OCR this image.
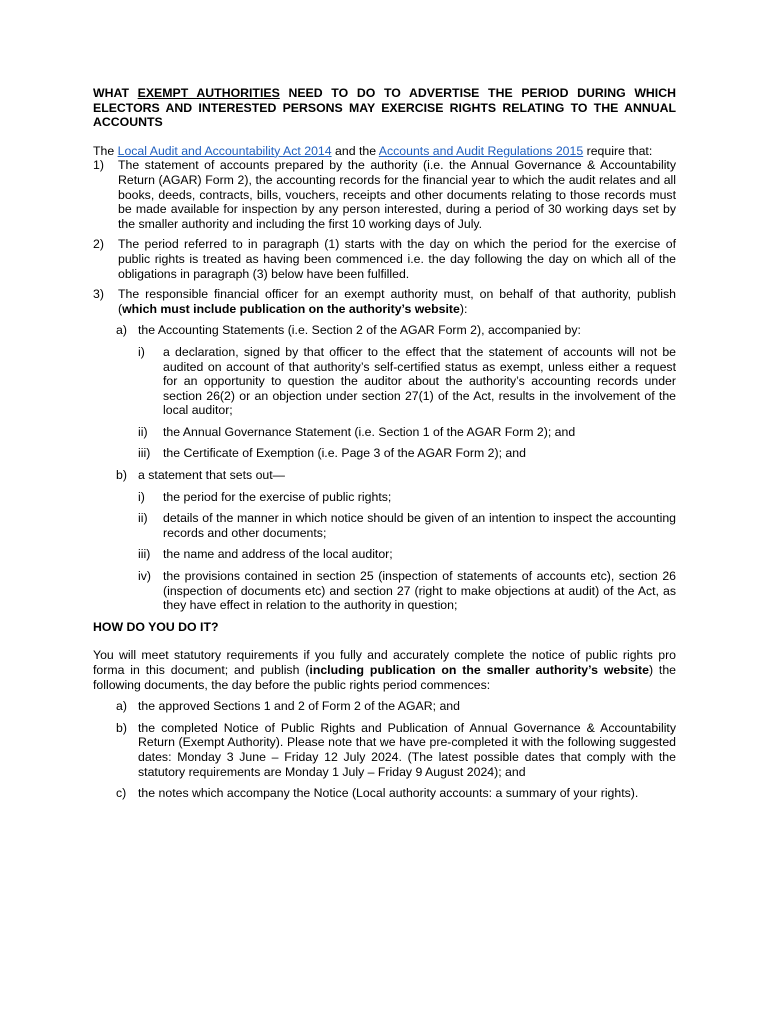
WHAT EXEMPT AUTHORITIES NEED TO DO TO ADVERTISE THE PERIOD DURING WHICH ELECTORS AND INTERESTED PERSONS MAY EXERCISE RIGHTS RELATING TO THE ANNUAL ACCOUNTS

The Local Audit and Accountability Act 2014 and the Accounts and Audit Regulations 2015 require that:

1) The statement of accounts prepared by the authority (i.e. the Annual Governance & Accountability Return (AGAR) Form 2), the accounting records for the financial year to which the audit relates and all books, deeds, contracts, bills, vouchers, receipts and other documents relating to those records must be made available for inspection by any person interested, during a period of 30 working days set by the smaller authority and including the first 10 working days of July.
2) The period referred to in paragraph (1) starts with the day on which the period for the exercise of public rights is treated as having been commenced i.e. the day following the day on which all of the obligations in paragraph (3) below have been fulfilled.
3) The responsible financial officer for an exempt authority must, on behalf of that authority, publish (which must include publication on the authority’s website):
a) the Accounting Statements (i.e. Section 2 of the AGAR Form 2), accompanied by:
i) a declaration, signed by that officer to the effect that the statement of accounts will not be audited on account of that authority’s self-certified status as exempt, unless either a request for an opportunity to question the auditor about the authority’s accounting records under section 26(2) or an objection under section 27(1) of the Act, results in the involvement of the local auditor;
ii) the Annual Governance Statement (i.e. Section 1 of the AGAR Form 2); and
iii) the Certificate of Exemption (i.e. Page 3 of the AGAR Form 2); and
b) a statement that sets out—
i) the period for the exercise of public rights;
ii) details of the manner in which notice should be given of an intention to inspect the accounting records and other documents;
iii) the name and address of the local auditor;
iv) the provisions contained in section 25 (inspection of statements of accounts etc), section 26 (inspection of documents etc) and section 27 (right to make objections at audit) of the Act, as they have effect in relation to the authority in question;

HOW DO YOU DO IT?

You will meet statutory requirements if you fully and accurately complete the notice of public rights pro forma in this document; and publish (including publication on the smaller authority’s website) the following documents, the day before the public rights period commences:

a) the approved Sections 1 and 2 of Form 2 of the AGAR; and
b) the completed Notice of Public Rights and Publication of Annual Governance & Accountability Return (Exempt Authority). Please note that we have pre-completed it with the following suggested dates: Monday 3 June – Friday 12 July 2024. (The latest possible dates that comply with the statutory requirements are Monday 1 July – Friday 9 August 2024); and
c) the notes which accompany the Notice (Local authority accounts: a summary of your rights).
